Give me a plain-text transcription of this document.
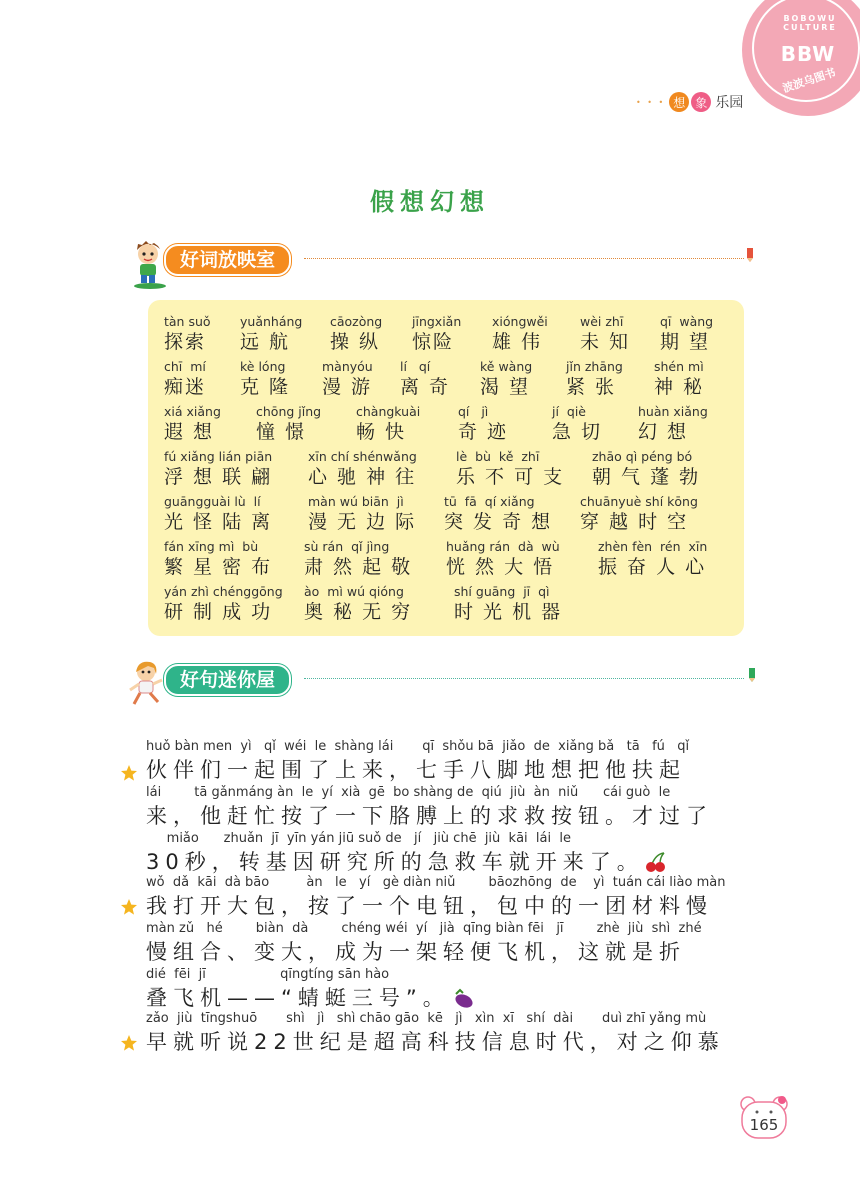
BOBOWU CULTURE
BBW
波波乌图书
• • • 想 象 乐园
假想幻想
好词放映室
tàn suǒ
探索
yuǎnháng
远 航
cāozòng
操 纵
jīngxiǎn
惊险
xióngwěi
雄 伟
wèi zhī
未 知
qī  wàng
期 望
chī  mí
痴迷
kè lóng
克 隆
mànyóu
漫 游
lí   qí
离 奇
kě wàng
渴 望
jǐn zhāng
紧 张
shén mì
神 秘
xiá xiǎng
遐 想
chōng jǐng
憧 憬
chàngkuài
畅 快
qí   jì
奇 迹
jí  qiè
急 切
huàn xiǎng
幻 想
fú xiǎng lián piān
浮 想 联 翩
xīn chí shénwǎng
心 驰 神 往
lè  bù  kě  zhī
乐 不 可 支
zhāo qì péng bó
朝 气 蓬 勃
guāngguài lù  lí
光 怪 陆 离
màn wú biān  jì
漫 无 边 际
tū  fā  qí xiǎng
突 发 奇 想
chuānyuè shí kōng
穿 越 时 空
fán xīng mì  bù
繁 星 密 布
sù rán  qǐ jìng
肃 然 起 敬
huǎng rán  dà  wù
恍 然 大 悟
zhèn fèn  rén  xīn
振 奋 人 心
yán zhì chénggōng
研 制 成 功
ào  mì wú qióng
奥 秘 无 穷
shí guāng  jī  qì
时 光 机 器
好句迷你屋
huǒ bàn men  yì   qǐ  wéi  le  shàng lái       qī  shǒu bā  jiǎo  de  xiǎng bǎ   tā   fú   qǐ
伙伴们一起围了上来，七手八脚地想把他扶起
lái        tā gǎnmáng àn  le  yí  xià  gē  bo shàng de  qiú  jiù  àn  niǔ      cái guò  le
来，他赶忙按了一下胳膊上的求救按钮。才过了
miǎo      zhuǎn  jī  yīn yán jiū suǒ de   jí   jiù chē  jiù  kāi  lái  le
30秒，转基因研究所的急救车就开来了。
wǒ  dǎ  kāi  dà bāo         àn   le   yí   gè diàn niǔ        bāozhōng  de    yì  tuán cái liào màn
我打开大包，按了一个电钮，包中的一团材料慢
màn zǔ   hé        biàn  dà        chéng wéi  yí   jià  qīng biàn fēi   jī        zhè  jiù  shì  zhé
慢组合、变大，成为一架轻便飞机，这就是折
dié  fēi  jī                  qīngtíng sān hào
叠飞机——“蜻蜓三号”。
zǎo  jiù  tīngshuō       shì   jì   shì chāo gāo  kē   jì   xìn  xī   shí  dài       duì zhī yǎng mù
早就听说22世纪是超高科技信息时代，对之仰慕
165
